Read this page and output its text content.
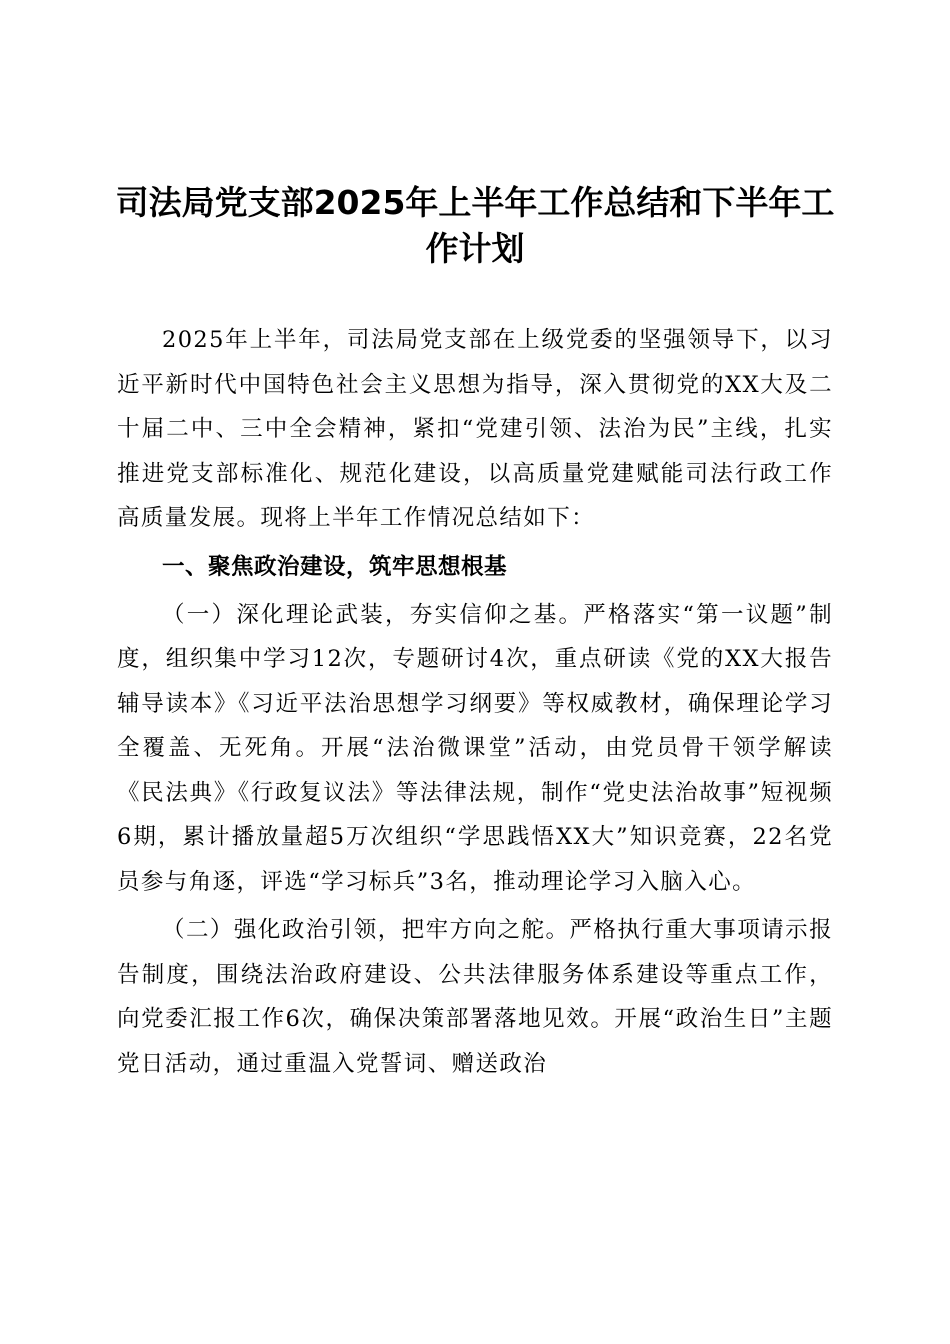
司法局党支部2025年上半年工作总结和下半年工作计划

2025年上半年，司法局党支部在上级党委的坚强领导下，以习近平新时代中国特色社会主义思想为指导，深入贯彻党的XX大及二十届二中、三中全会精神，紧扣“党建引领、法治为民”主线，扎实推进党支部标准化、规范化建设，以高质量党建赋能司法行政工作高质量发展。现将上半年工作情况总结如下：

一、聚焦政治建设，筑牢思想根基

（一）深化理论武装，夯实信仰之基。严格落实“第一议题”制度，组织集中学习12次，专题研讨4次，重点研读《党的XX大报告辅导读本》《习近平法治思想学习纲要》等权威教材，确保理论学习全覆盖、无死角。开展“法治微课堂”活动，由党员骨干领学解读《民法典》《行政复议法》等法律法规，制作“党史法治故事”短视频6期，累计播放量超5万次组织“学思践悟XX大”知识竞赛，22名党员参与角逐，评选“学习标兵”3名，推动理论学习入脑入心。

（二）强化政治引领，把牢方向之舵。严格执行重大事项请示报告制度，围绕法治政府建设、公共法律服务体系建设等重点工作，向党委汇报工作6次，确保决策部署落地见效。开展“政治生日”主题党日活动，通过重温入党誓词、赠送政治
